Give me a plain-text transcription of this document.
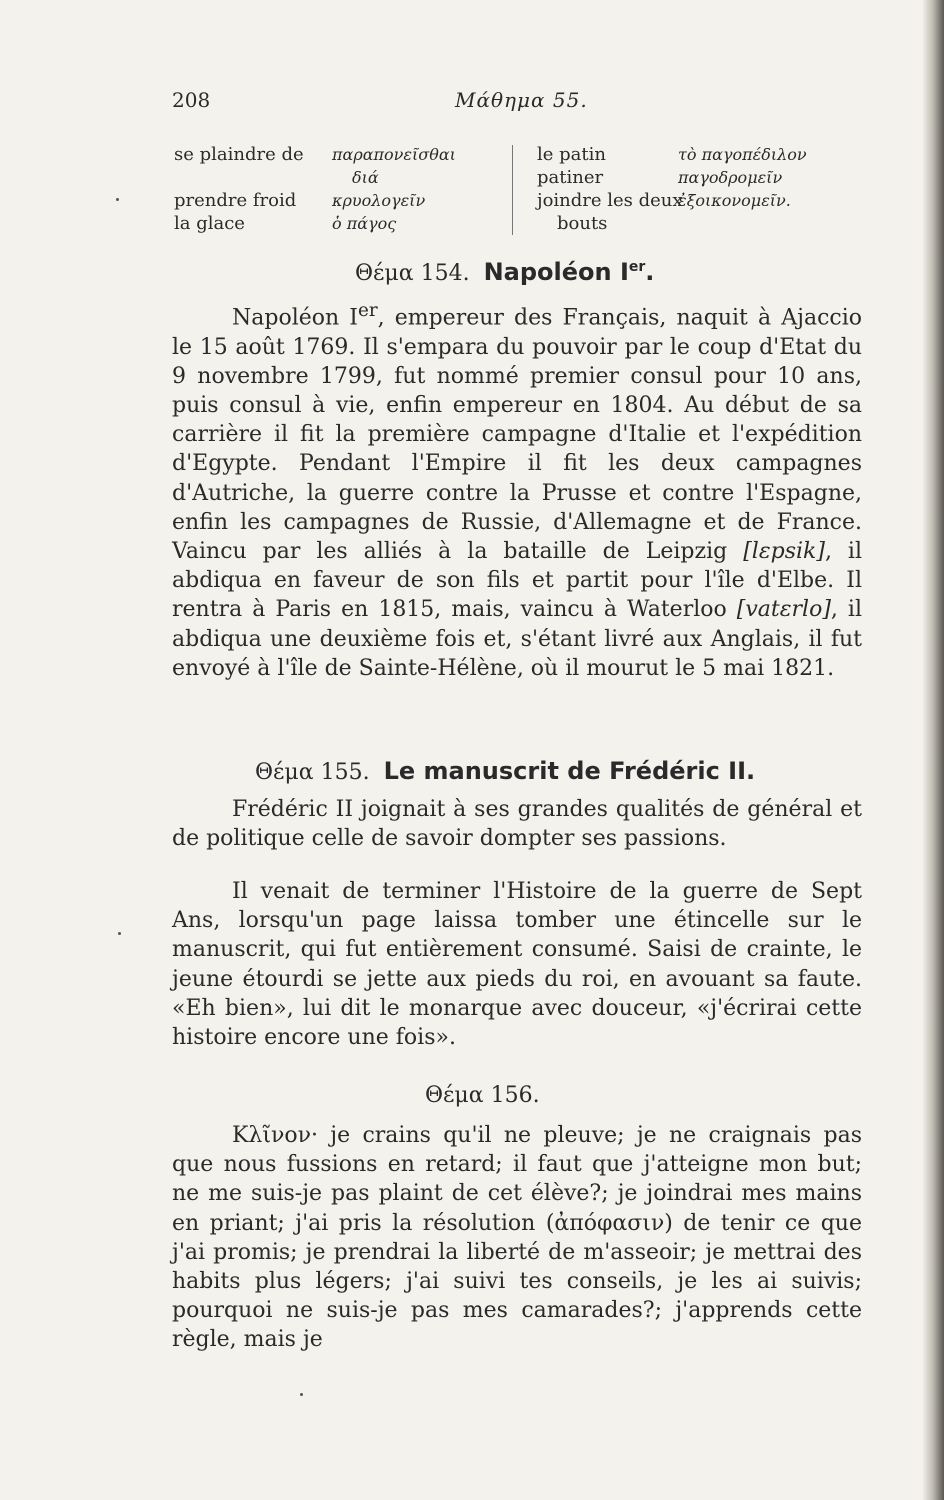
208	Μάθημα 55.
se plaindre de
prendre froid
la glace
παραπονεῖσθαι
διά
κρυολογεῖν
ὁ πάγος
le patin
patiner
joindre les deux
bouts
τὸ παγοπέδιλον
παγοδρομεῖν
ἐξοικονομεῖν.
Θέμα 154. Napoléon Ier.

Napoléon Ier, empereur des Français, naquit à Ajaccio le 15 août 1769. Il s'empara du pouvoir par le coup d'Etat du 9 novembre 1799, fut nommé premier consul pour 10 ans, puis consul à vie, enfin empereur en 1804. Au début de sa carrière il fit la première campagne d'Italie et l'expédition d'Egypte. Pendant l'Empire il fit les deux campagnes d'Autriche, la guerre contre la Prusse et contre l'Espagne, enfin les campagnes de Russie, d'Allemagne et de France. Vaincu par les alliés à la bataille de Leipzig [lεpsik], il abdiqua en faveur de son fils et partit pour l'île d'Elbe. Il rentra à Paris en 1815, mais, vaincu à Waterloo [vatεrlo], il abdiqua une deuxième fois et, s'étant livré aux Anglais, il fut envoyé à l'île de Sainte-Hélène, où il mourut le 5 mai 1821.

Θέμα 155. Le manuscrit de Frédéric II.

Frédéric II joignait à ses grandes qualités de général et de politique celle de savoir dompter ses passions.

Il venait de terminer l'Histoire de la guerre de Sept Ans, lorsqu'un page laissa tomber une étincelle sur le manuscrit, qui fut entièrement consumé. Saisi de crainte, le jeune étourdi se jette aux pieds du roi, en avouant sa faute. «Eh bien», lui dit le monarque avec douceur, «j'écrirai cette histoire encore une fois».

Θέμα 156.

Κλῖνον· je crains qu'il ne pleuve; je ne craignais pas que nous fussions en retard; il faut que j'atteigne mon but; ne me suis-je pas plaint de cet élève?; je joindrai mes mains en priant; j'ai pris la résolution (ἀπόφασιν) de tenir ce que j'ai promis; je prendrai la liberté de m'asseoir; je mettrai des habits plus légers; j'ai suivi tes conseils, je les ai suivis; pourquoi ne suis-je pas mes camarades?; j'apprends cette règle, mais je
